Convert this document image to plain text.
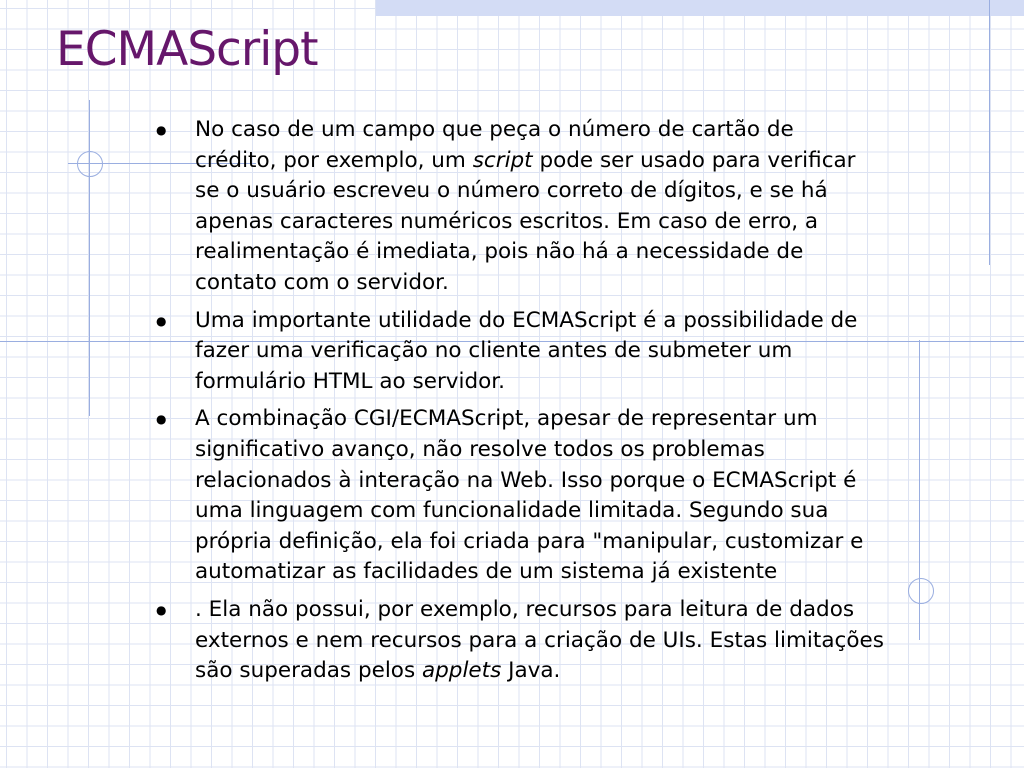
ECMAScript
● No caso de um campo que peça o número de cartão de
crédito, por exemplo, um script pode ser usado para verificar
se o usuário escreveu o número correto de dígitos, e se há
apenas caracteres numéricos escritos. Em caso de erro, a
realimentação é imediata, pois não há a necessidade de
contato com o servidor.
● Uma importante utilidade do ECMAScript é a possibilidade de
fazer uma verificação no cliente antes de submeter um
formulário HTML ao servidor.
● A combinação CGI/ECMAScript, apesar de representar um
significativo avanço, não resolve todos os problemas
relacionados à interação na Web. Isso porque o ECMAScript é
uma linguagem com funcionalidade limitada. Segundo sua
própria definição, ela foi criada para "manipular, customizar e
automatizar as facilidades de um sistema já existente
● . Ela não possui, por exemplo, recursos para leitura de dados
externos e nem recursos para a criação de UIs. Estas limitações
são superadas pelos applets Java.
